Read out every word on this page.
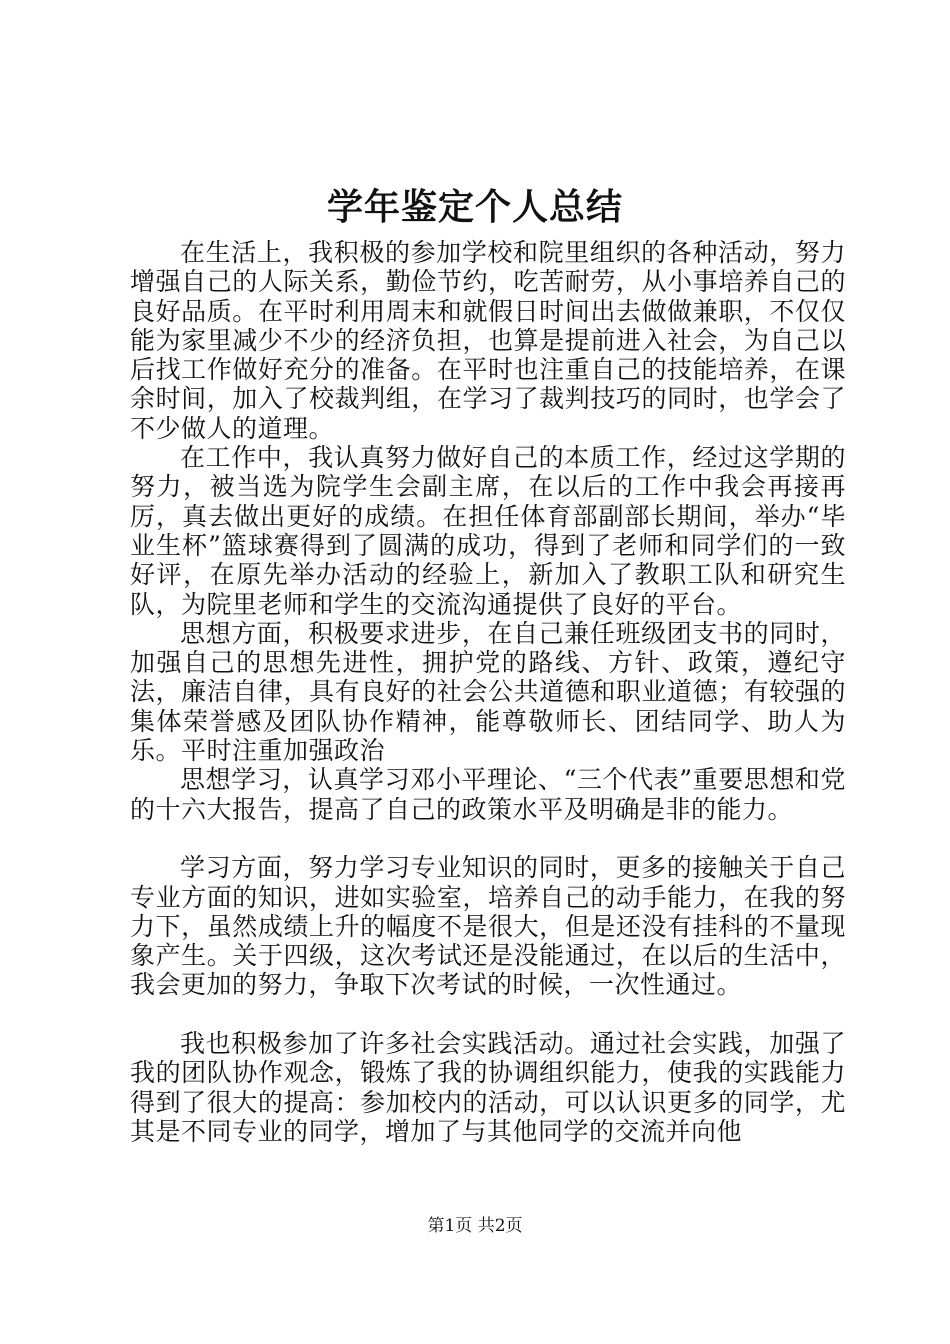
学年鉴定个人总结

在生活上，我积极的参加学校和院里组织的各种活动，努力增强自己的人际关系，勤俭节约，吃苦耐劳，从小事培养自己的良好品质。在平时利用周末和就假日时间出去做做兼职，不仅仅能为家里减少不少的经济负担，也算是提前进入社会，为自己以后找工作做好充分的准备。在平时也注重自己的技能培养，在课余时间，加入了校裁判组，在学习了裁判技巧的同时，也学会了不少做人的道理。

在工作中，我认真努力做好自己的本质工作，经过这学期的努力，被当选为院学生会副主席，在以后的工作中我会再接再厉，真去做出更好的成绩。在担任体育部副部长期间，举办“毕业生杯”篮球赛得到了圆满的成功，得到了老师和同学们的一致好评，在原先举办活动的经验上，新加入了教职工队和研究生队，为院里老师和学生的交流沟通提供了良好的平台。

思想方面，积极要求进步，在自己兼任班级团支书的同时，加强自己的思想先进性，拥护党的路线、方针、政策，遵纪守法，廉洁自律，具有良好的社会公共道德和职业道德；有较强的集体荣誉感及团队协作精神，能尊敬师长、团结同学、助人为乐。平时注重加强政治

思想学习，认真学习邓小平理论、“三个代表”重要思想和党的十六大报告，提高了自己的政策水平及明确是非的能力。

学习方面，努力学习专业知识的同时，更多的接触关于自己专业方面的知识，进如实验室，培养自己的动手能力，在我的努力下，虽然成绩上升的幅度不是很大，但是还没有挂科的不量现象产生。关于四级，这次考试还是没能通过，在以后的生活中，我会更加的努力，争取下次考试的时候，一次性通过。

我也积极参加了许多社会实践活动。通过社会实践，加强了我的团队协作观念，锻炼了我的协调组织能力，使我的实践能力得到了很大的提高：参加校内的活动，可以认识更多的同学，尤其是不同专业的同学，增加了与其他同学的交流并向他

第1页 共2页
